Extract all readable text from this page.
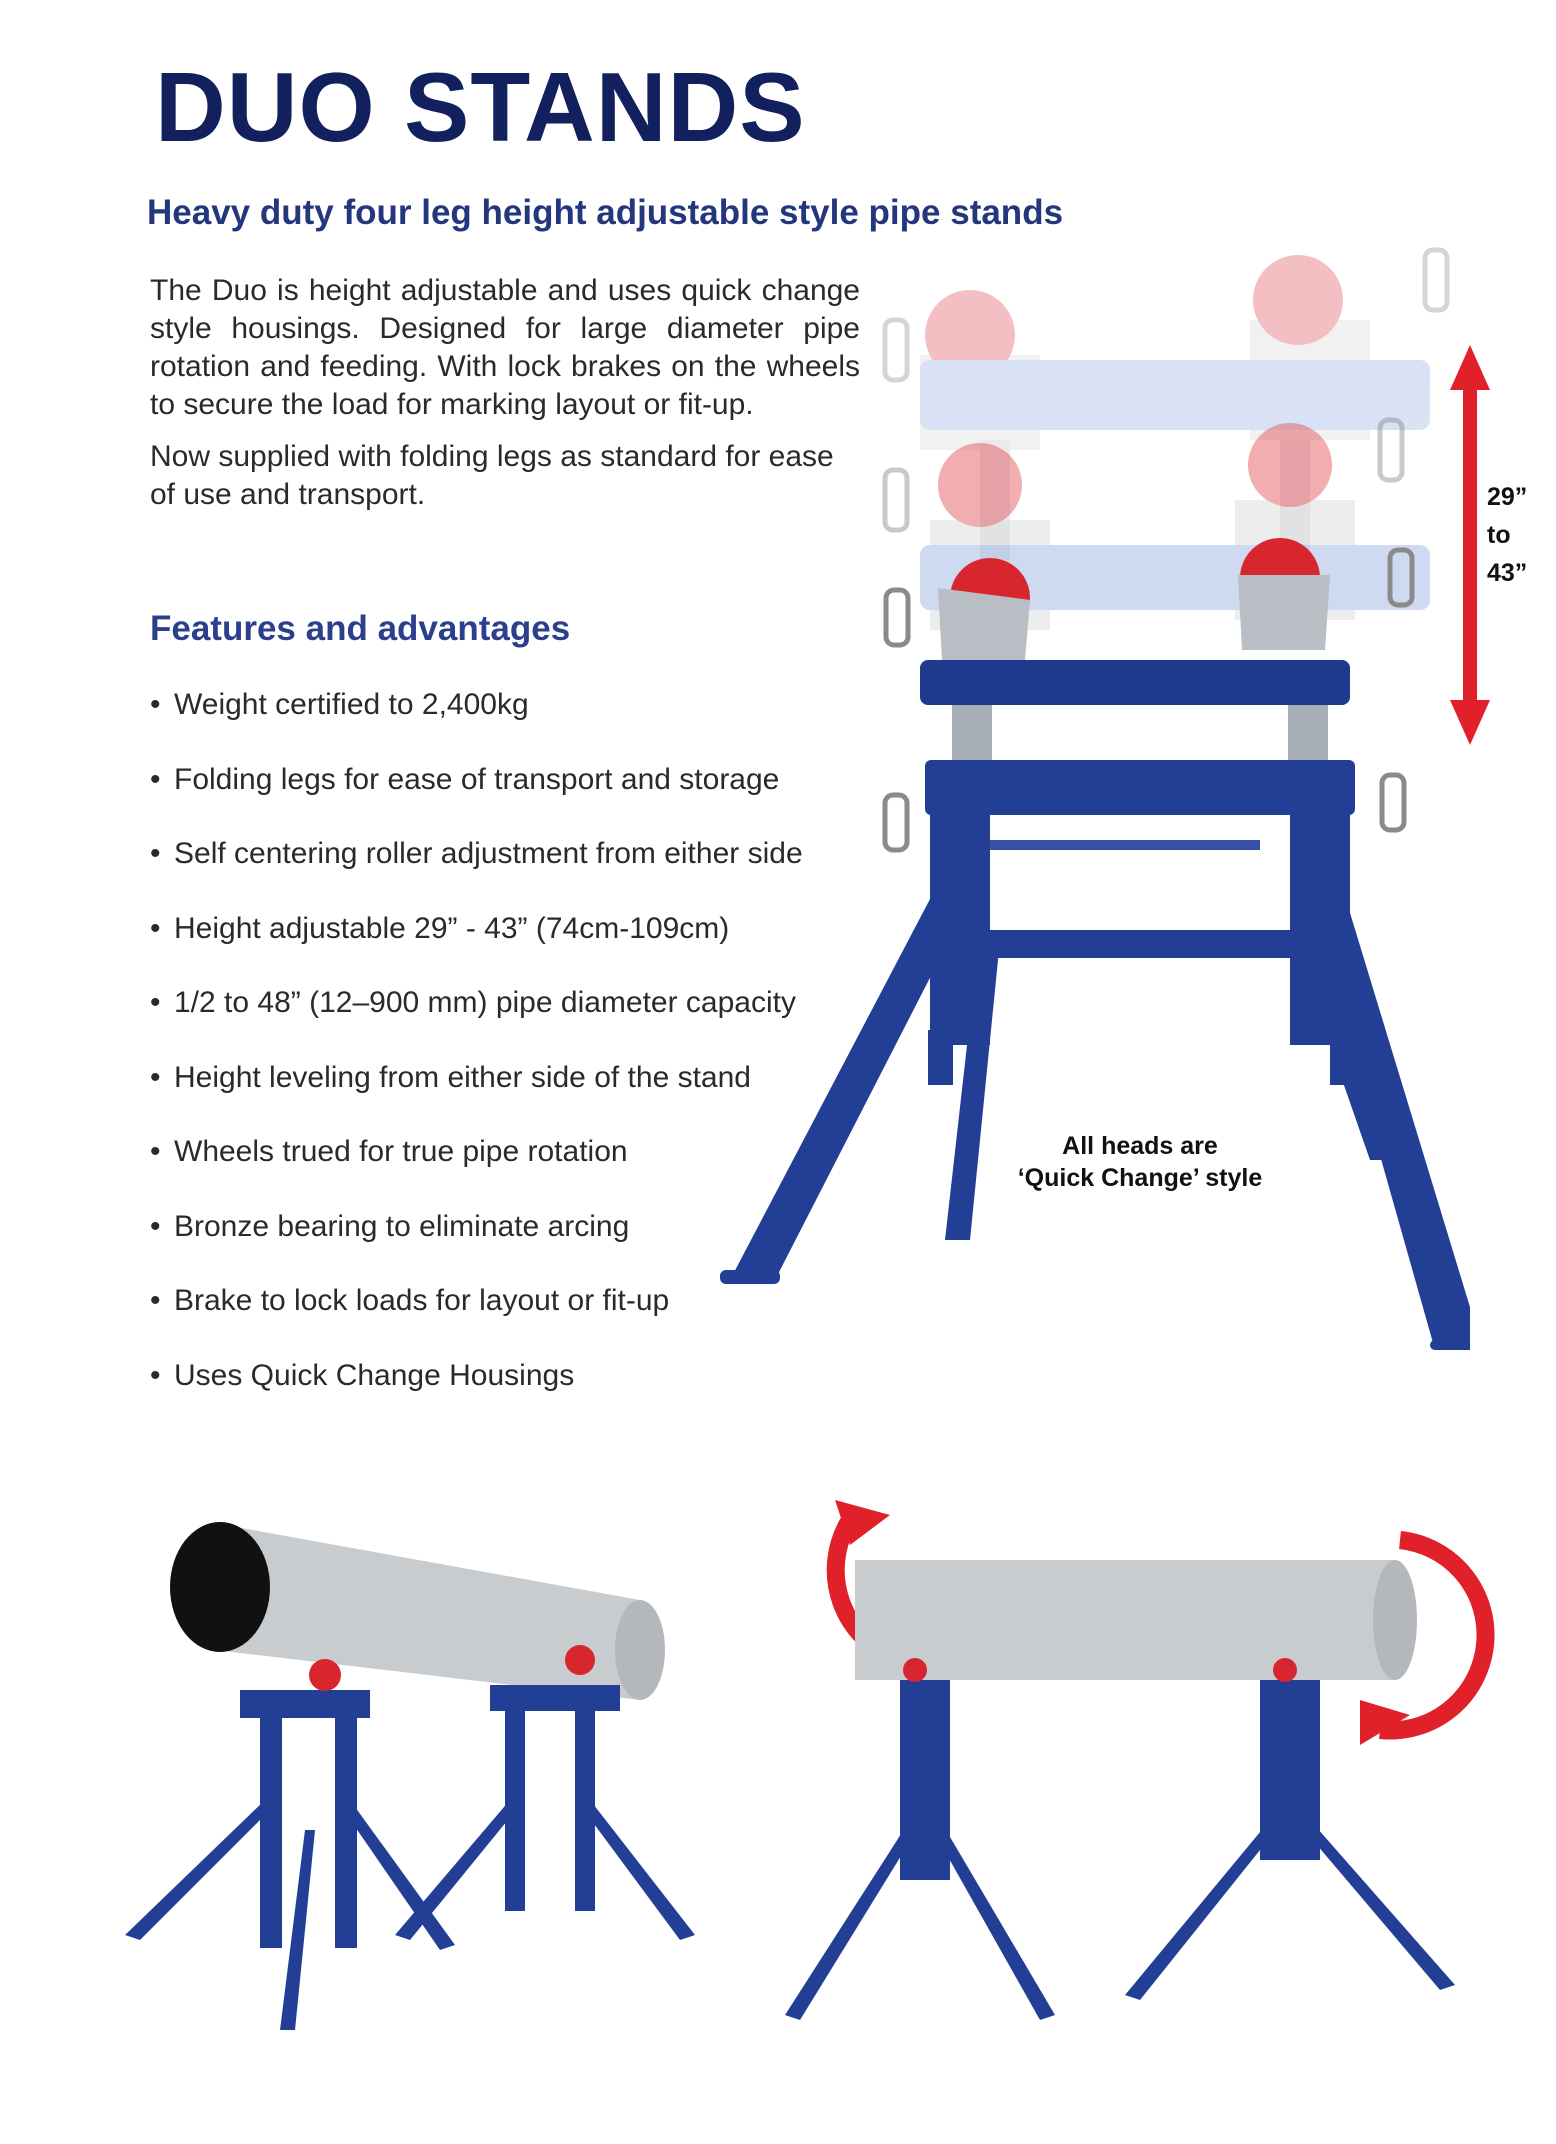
DUO STANDS
Heavy duty four leg height adjustable style pipe stands

The Duo is height adjustable and uses quick change style housings. Designed for large diameter pipe rotation and feeding. With lock brakes on the wheels to secure the load for marking layout or fit-up.

Now supplied with folding legs as standard for ease of use and transport.

Features and advantages
• Weight certified to 2,400kg
• Folding legs for ease of transport and storage
• Self centering roller adjustment from either side
• Height adjustable 29” - 43” (74cm-109cm)
• 1/2 to 48” (12–900 mm) pipe diameter capacity
• Height leveling from either side of the stand
• Wheels trued for true pipe rotation
• Bronze bearing to eliminate arcing
• Brake to lock loads for layout or fit-up
• Uses Quick Change Housings
29”
to
43”
All heads are
‘Quick Change’ style
